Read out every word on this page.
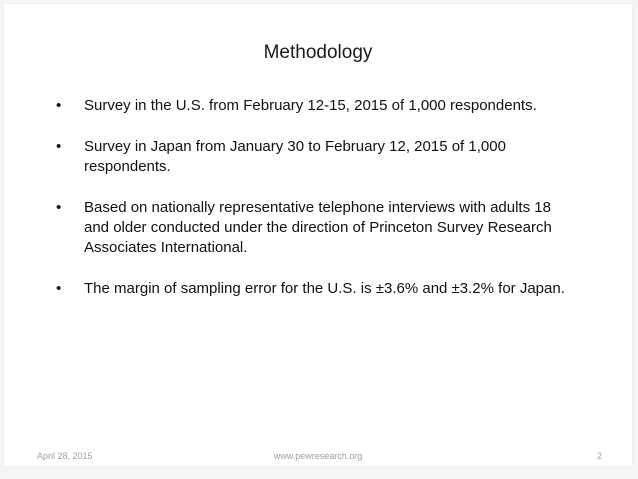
Methodology
• Survey in the U.S. from February 12-15, 2015 of 1,000 respondents.
• Survey in Japan from January 30 to February 12, 2015 of 1,000 respondents.
• Based on nationally representative telephone interviews with adults 18 and older conducted under the direction of Princeton Survey Research Associates International.
• The margin of sampling error for the U.S. is ±3.6% and ±3.2% for Japan.
April 28, 2015	www.pewresearch.org	2
